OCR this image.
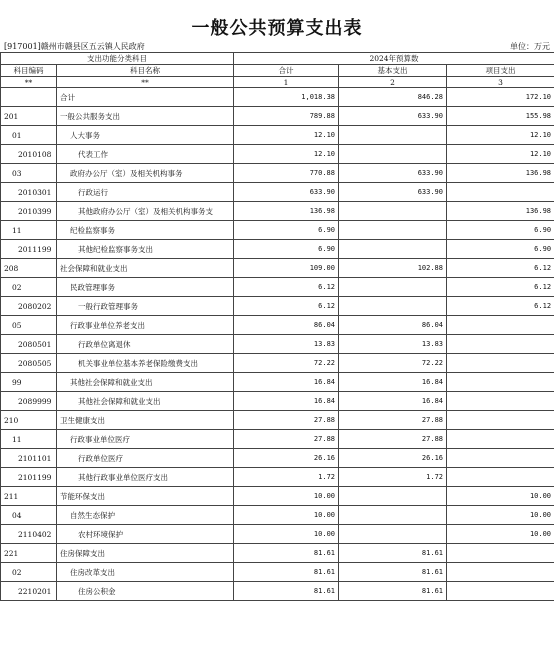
一般公共预算支出表
[917001]赣州市赣县区五云镇人民政府	单位：万元
支出功能分类科目		2024年预算数		
科目编码	科目名称	合计	基本支出	项目支出
**	**	1	2	3
	合计	1,018.38	846.28	172.10
201	一般公共服务支出	789.88	633.90	155.98
01	人大事务	12.10		12.10
2010108	代表工作	12.10		12.10
03	政府办公厅（室）及相关机构事务	770.88	633.90	136.98
2010301	行政运行	633.90	633.90	
2010399	其他政府办公厅（室）及相关机构事务支	136.98		136.98
11	纪检监察事务	6.90		6.90
2011199	其他纪检监察事务支出	6.90		6.90
208	社会保障和就业支出	109.00	102.88	6.12
02	民政管理事务	6.12		6.12
2080202	一般行政管理事务	6.12		6.12
05	行政事业单位养老支出	86.04	86.04	
2080501	行政单位离退休	13.83	13.83	
2080505	机关事业单位基本养老保险缴费支出	72.22	72.22	
99	其他社会保障和就业支出	16.84	16.84	
2089999	其他社会保障和就业支出	16.84	16.84	
210	卫生健康支出	27.88	27.88	
11	行政事业单位医疗	27.88	27.88	
2101101	行政单位医疗	26.16	26.16	
2101199	其他行政事业单位医疗支出	1.72	1.72	
211	节能环保支出	10.00		10.00
04	自然生态保护	10.00		10.00
2110402	农村环境保护	10.00		10.00
221	住房保障支出	81.61	81.61	
02	住房改革支出	81.61	81.61	
2210201	住房公积金	81.61	81.61	
